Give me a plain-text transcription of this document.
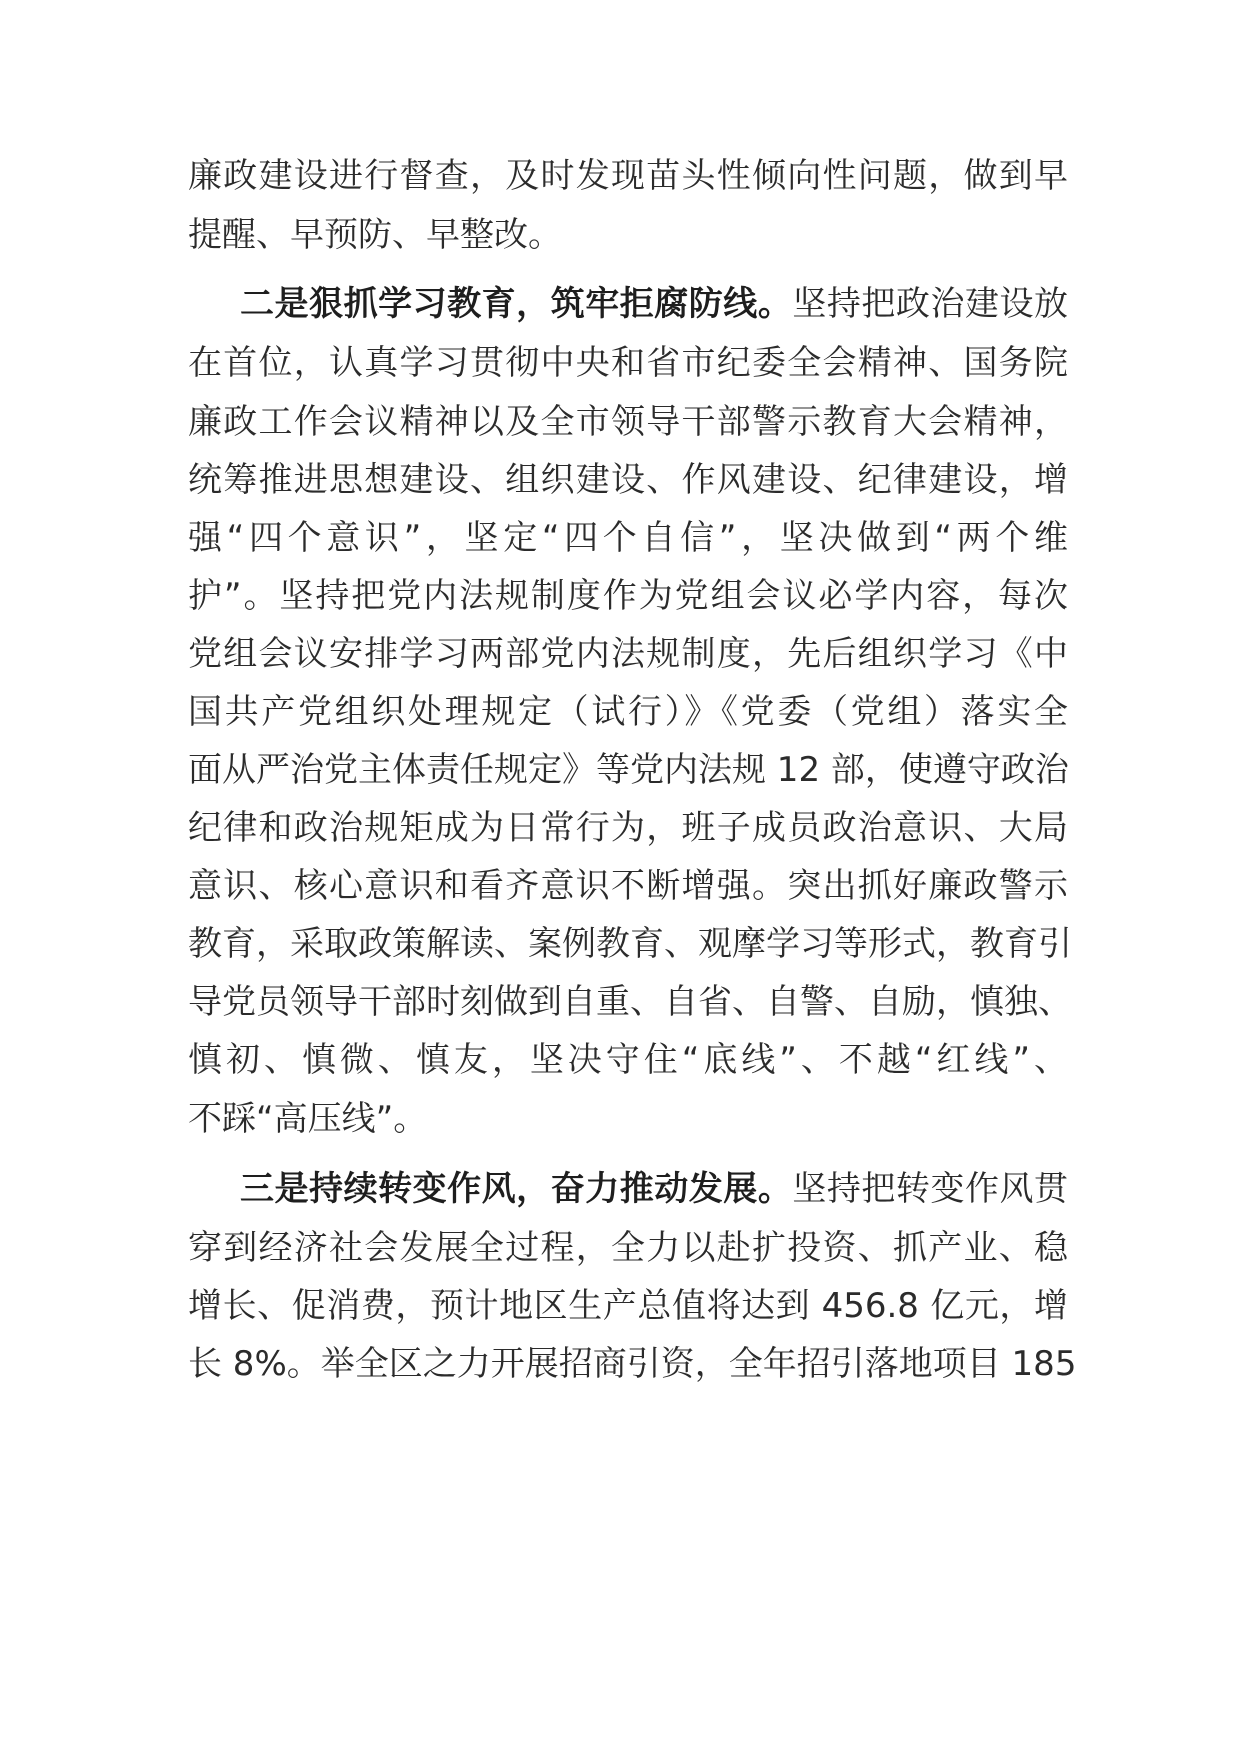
廉政建设进行督查，及时发现苗头性倾向性问题，做到早
提醒、早预防、早整改。
二是狠抓学习教育，筑牢拒腐防线。坚持把政治建设放
在首位，认真学习贯彻中央和省市纪委全会精神、国务院
廉政工作会议精神以及全市领导干部警示教育大会精神，
统筹推进思想建设、组织建设、作风建设、纪律建设，增
强“四个意识”，坚定“四个自信”，坚决做到“两个维
护”。坚持把党内法规制度作为党组会议必学内容，每次
党组会议安排学习两部党内法规制度，先后组织学习《中
国共产党组织处理规定（试行）》《党委（党组）落实全
面从严治党主体责任规定》等党内法规 12 部，使遵守政治
纪律和政治规矩成为日常行为，班子成员政治意识、大局
意识、核心意识和看齐意识不断增强。突出抓好廉政警示
教育，采取政策解读、案例教育、观摩学习等形式，教育引
导党员领导干部时刻做到自重、自省、自警、自励，慎独、
慎初、慎微、慎友，坚决守住“底线”、不越“红线”、
不踩“高压线”。
三是持续转变作风，奋力推动发展。坚持把转变作风贯
穿到经济社会发展全过程，全力以赴扩投资、抓产业、稳
增长、促消费，预计地区生产总值将达到 456.8 亿元，增
长 8%。举全区之力开展招商引资，全年招引落地项目 185
